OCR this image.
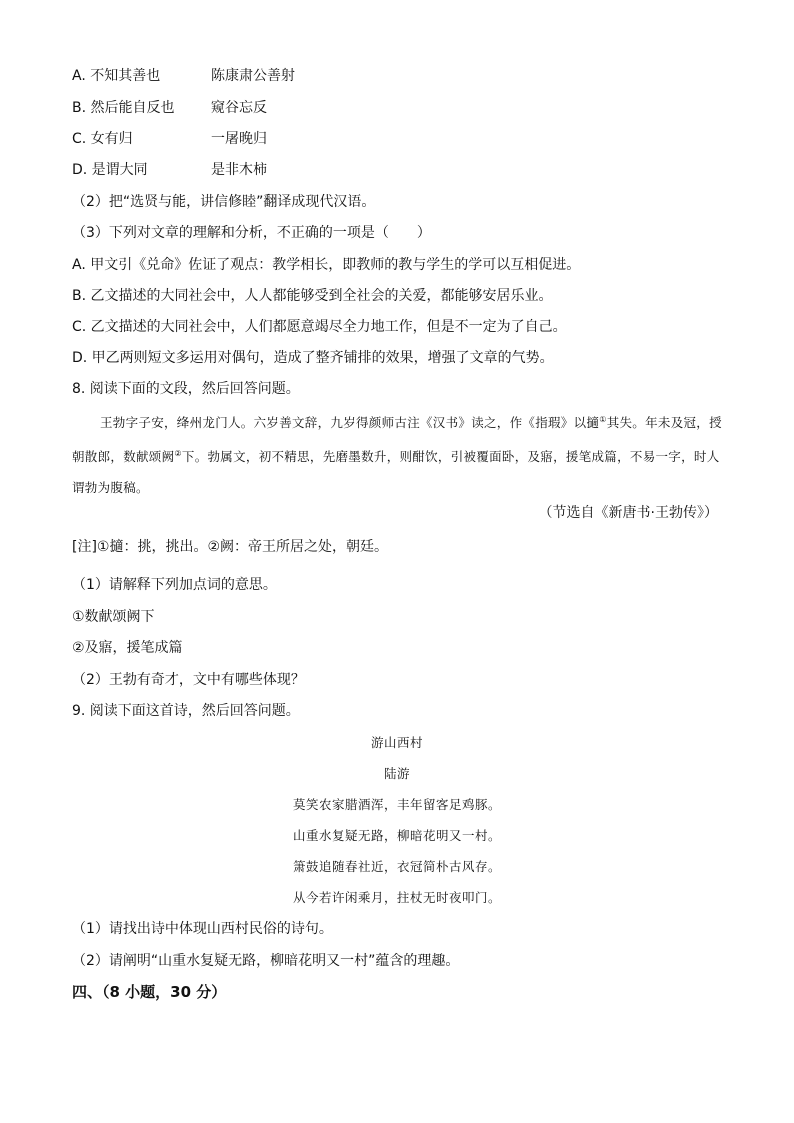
A. 不知其善也	陈康肃公善射
B. 然后能自反也	窥谷忘反
C. 女有归	一屠晚归
D. 是谓大同	是非木柿
（2）把“选贤与能，讲信修睦”翻译成现代汉语。
（3）下列对文章的理解和分析，不正确的一项是（　　）
A. 甲文引《兑命》佐证了观点：教学相长，即教师的教与学生的学可以互相促进。
B. 乙文描述的大同社会中，人人都能够受到全社会的关爱，都能够安居乐业。
C. 乙文描述的大同社会中，人们都愿意竭尽全力地工作，但是不一定为了自己。
D. 甲乙两则短文多运用对偶句，造成了整齐铺排的效果，增强了文章的气势。
8. 阅读下面的文段，然后回答问题。
王勃字子安，绛州龙门人。六岁善文辞，九岁得颜师古注《汉书》读之，作《指瑕》以擿①其失。年未及冠，授朝散郎，数献颂阙②下。勃属文，初不精思，先磨墨数升，则酣饮，引被覆面卧，及寤，援笔成篇，不易一字，时人谓勃为腹稿。
（节选自《新唐书·王勃传》）
[注]①擿：挑，挑出。②阙：帝王所居之处，朝廷。
（1）请解释下列加点词的意思。
①数献颂阙下
②及寤，援笔成篇
（2）王勃有奇才，文中有哪些体现？
9. 阅读下面这首诗，然后回答问题。
游山西村
陆游
莫笑农家腊酒浑，丰年留客足鸡豚。
山重水复疑无路，柳暗花明又一村。
箫鼓追随春社近，衣冠简朴古风存。
从今若许闲乘月，拄杖无时夜叩门。
（1）请找出诗中体现山西村民俗的诗句。
（2）请阐明“山重水复疑无路，柳暗花明又一村”蕴含的理趣。
四、（8 小题，30 分）
